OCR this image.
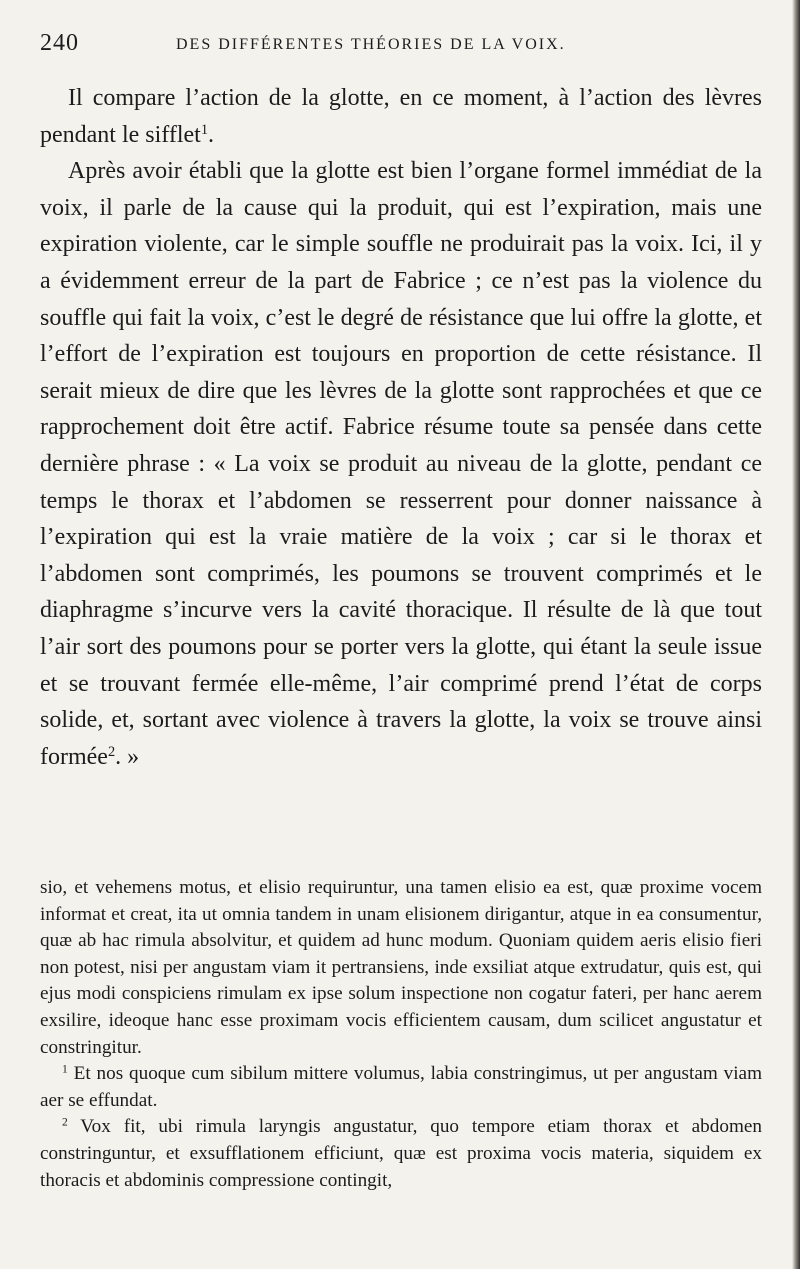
240	DES DIFFÉRENTES THÉORIES DE LA VOIX.

Il compare l’action de la glotte, en ce moment, à l’action des lèvres pendant le sifflet$^1$.

Après avoir établi que la glotte est bien l’organe formel immédiat de la voix, il parle de la cause qui la produit, qui est l’expiration, mais une expiration violente, car le simple souffle ne produirait pas la voix. Ici, il y a évidemment erreur de la part de Fabrice ; ce n’est pas la violence du souffle qui fait la voix, c’est le degré de résistance que lui offre la glotte, et l’effort de l’expiration est toujours en proportion de cette résistance. Il serait mieux de dire que les lèvres de la glotte sont rapprochées et que ce rapprochement doit être actif. Fabrice résume toute sa pensée dans cette dernière phrase : « La voix se produit au niveau de la glotte, pendant ce temps le thorax et l’abdomen se resserrent pour donner naissance à l’expiration qui est la vraie matière de la voix ; car si le thorax et l’abdomen sont comprimés, les poumons se trouvent comprimés et le diaphragme s’incurve vers la cavité thoracique. Il résulte de là que tout l’air sort des poumons pour se porter vers la glotte, qui étant la seule issue et se trouvant fermée elle-même, l’air comprimé prend l’état de corps solide, et, sortant avec violence à travers la glotte, la voix se trouve ainsi formée$^2$. »

sio, et vehemens motus, et elisio requiruntur, una tamen elisio ea est, quæ proxime vocem informat et creat, ita ut omnia tandem in unam elisionem dirigantur, atque in ea consumentur, quæ ab hac rimula absolvitur, et quidem ad hunc modum. Quoniam quidem aeris elisio fieri non potest, nisi per angustam viam it pertransiens, inde exsiliat atque extrudatur, quis est, qui ejus modi conspiciens rimulam ex ipse solum inspectione non cogatur fateri, per hanc aerem exsilire, ideoque hanc esse proximam vocis efficientem causam, dum scilicet angustatur et constringitur.

$^1$ Et nos quoque cum sibilum mittere volumus, labia constringimus, ut per angustam viam aer se effundat.

$^2$ Vox fit, ubi rimula laryngis angustatur, quo tempore etiam thorax et abdomen constringuntur, et exsufflationem efficiunt, quæ est proxima vocis materia, siquidem ex thoracis et abdominis compressione contingit,
